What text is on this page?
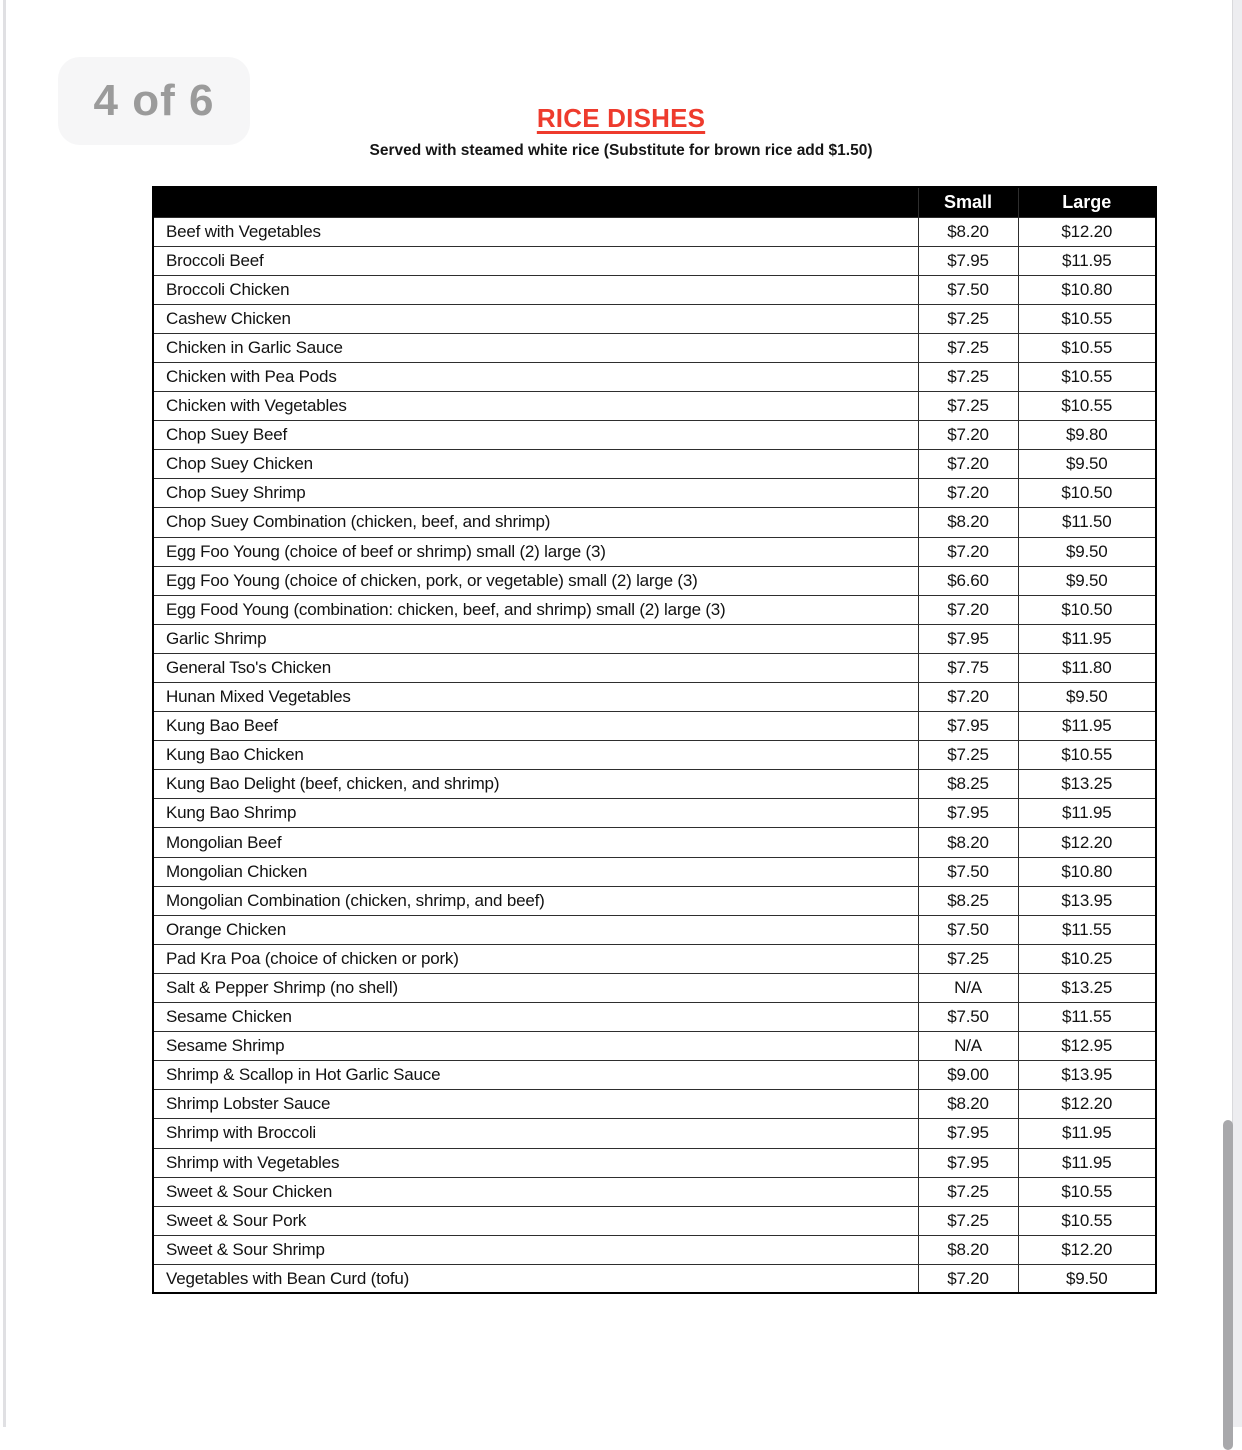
4 of 6	RICE DISHES
Served with steamed white rice (Substitute for brown rice add $1.50)
	Small	Large
Beef with Vegetables	$8.20	$12.20
Broccoli Beef	$7.95	$11.95
Broccoli Chicken	$7.50	$10.80
Cashew Chicken	$7.25	$10.55
Chicken in Garlic Sauce	$7.25	$10.55
Chicken with Pea Pods	$7.25	$10.55
Chicken with Vegetables	$7.25	$10.55
Chop Suey Beef	$7.20	$9.80
Chop Suey Chicken	$7.20	$9.50
Chop Suey Shrimp	$7.20	$10.50
Chop Suey Combination (chicken, beef, and shrimp)	$8.20	$11.50
Egg Foo Young (choice of beef or shrimp) small (2) large (3)	$7.20	$9.50
Egg Foo Young (choice of chicken, pork, or vegetable) small (2) large (3)	$6.60	$9.50
Egg Food Young (combination: chicken, beef, and shrimp) small (2) large (3)	$7.20	$10.50
Garlic Shrimp	$7.95	$11.95
General Tso's Chicken	$7.75	$11.80
Hunan Mixed Vegetables	$7.20	$9.50
Kung Bao Beef	$7.95	$11.95
Kung Bao Chicken	$7.25	$10.55
Kung Bao Delight (beef, chicken, and shrimp)	$8.25	$13.25
Kung Bao Shrimp	$7.95	$11.95
Mongolian Beef	$8.20	$12.20
Mongolian Chicken	$7.50	$10.80
Mongolian Combination (chicken, shrimp, and beef)	$8.25	$13.95
Orange Chicken	$7.50	$11.55
Pad Kra Poa (choice of chicken or pork)	$7.25	$10.25
Salt & Pepper Shrimp (no shell)	N/A	$13.25
Sesame Chicken	$7.50	$11.55
Sesame Shrimp	N/A	$12.95
Shrimp & Scallop in Hot Garlic Sauce	$9.00	$13.95
Shrimp Lobster Sauce	$8.20	$12.20
Shrimp with Broccoli	$7.95	$11.95
Shrimp with Vegetables	$7.95	$11.95
Sweet & Sour Chicken	$7.25	$10.55
Sweet & Sour Pork	$7.25	$10.55
Sweet & Sour Shrimp	$8.20	$12.20
Vegetables with Bean Curd (tofu)	$7.20	$9.50
